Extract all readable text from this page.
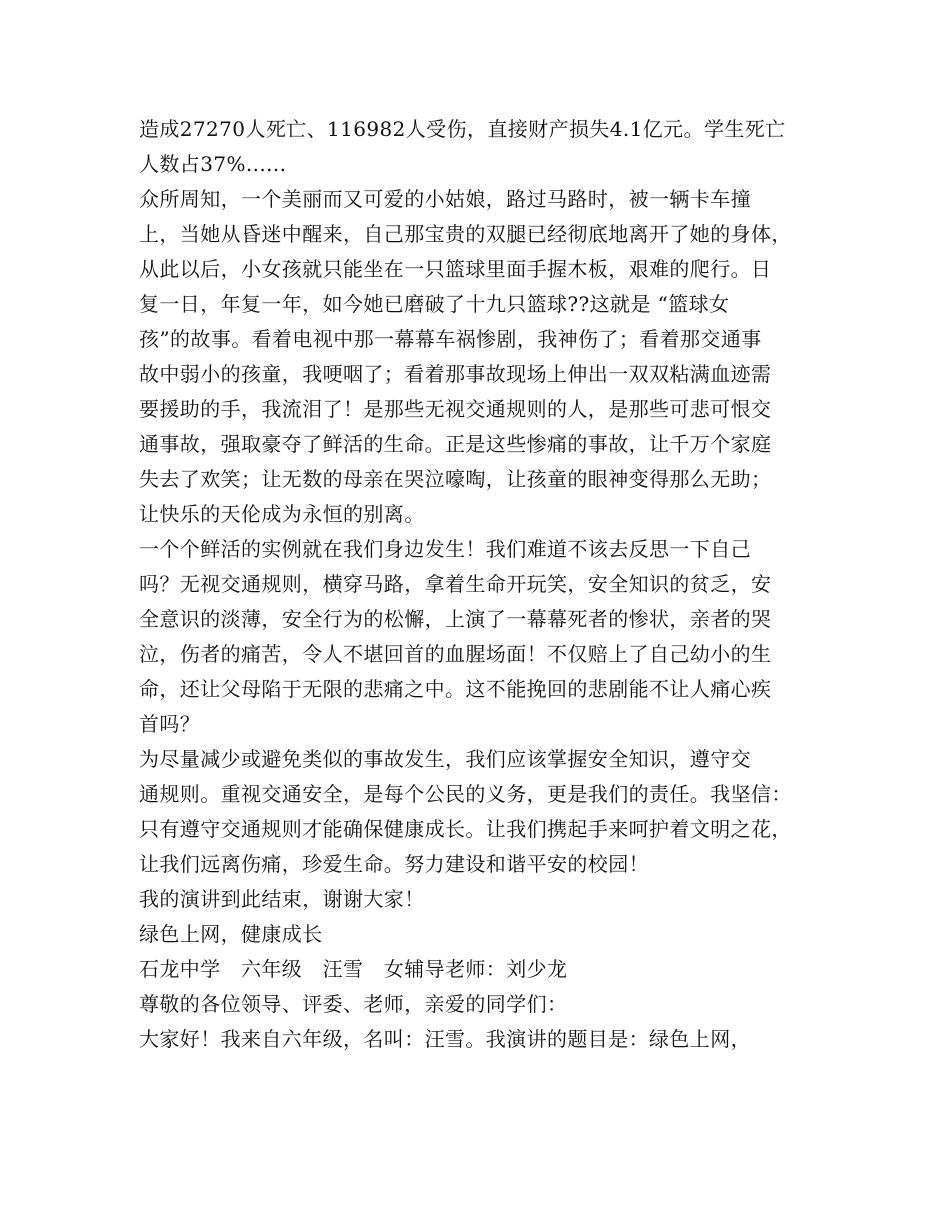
造成27270人死亡、116982人受伤，直接财产损失4.1亿元。学生死亡
人数占37%......
众所周知，一个美丽而又可爱的小姑娘，路过马路时，被一辆卡车撞
上，当她从昏迷中醒来，自己那宝贵的双腿已经彻底地离开了她的身体，
从此以后，小女孩就只能坐在一只篮球里面手握木板，艰难的爬行。日
复一日，年复一年，如今她已磨破了十九只篮球??这就是 “篮球女
孩”的故事。看着电视中那一幕幕车祸惨剧，我神伤了；看着那交通事
故中弱小的孩童，我哽咽了；看着那事故现场上伸出一双双粘满血迹需
要援助的手，我流泪了！是那些无视交通规则的人，是那些可悲可恨交
通事故，强取豪夺了鲜活的生命。正是这些惨痛的事故，让千万个家庭
失去了欢笑；让无数的母亲在哭泣嚎啕，让孩童的眼神变得那么无助；
让快乐的天伦成为永恒的别离。
一个个鲜活的实例就在我们身边发生！我们难道不该去反思一下自己
吗？无视交通规则，横穿马路，拿着生命开玩笑，安全知识的贫乏，安
全意识的淡薄，安全行为的松懈，上演了一幕幕死者的惨状，亲者的哭
泣，伤者的痛苦，令人不堪回首的血腥场面！不仅赔上了自己幼小的生
命，还让父母陷于无限的悲痛之中。这不能挽回的悲剧能不让人痛心疾
首吗？
为尽量减少或避免类似的事故发生，我们应该掌握安全知识，遵守交
通规则。重视交通安全，是每个公民的义务，更是我们的责任。我坚信：
只有遵守交通规则才能确保健康成长。让我们携起手来呵护着文明之花，
让我们远离伤痛，珍爱生命。努力建设和谐平安的校园！
我的演讲到此结束，谢谢大家！
绿色上网，健康成长
石龙中学　六年级　汪雪　女辅导老师：刘少龙
尊敬的各位领导、评委、老师，亲爱的同学们：
大家好！我来自六年级，名叫：汪雪。我演讲的题目是：绿色上网，
